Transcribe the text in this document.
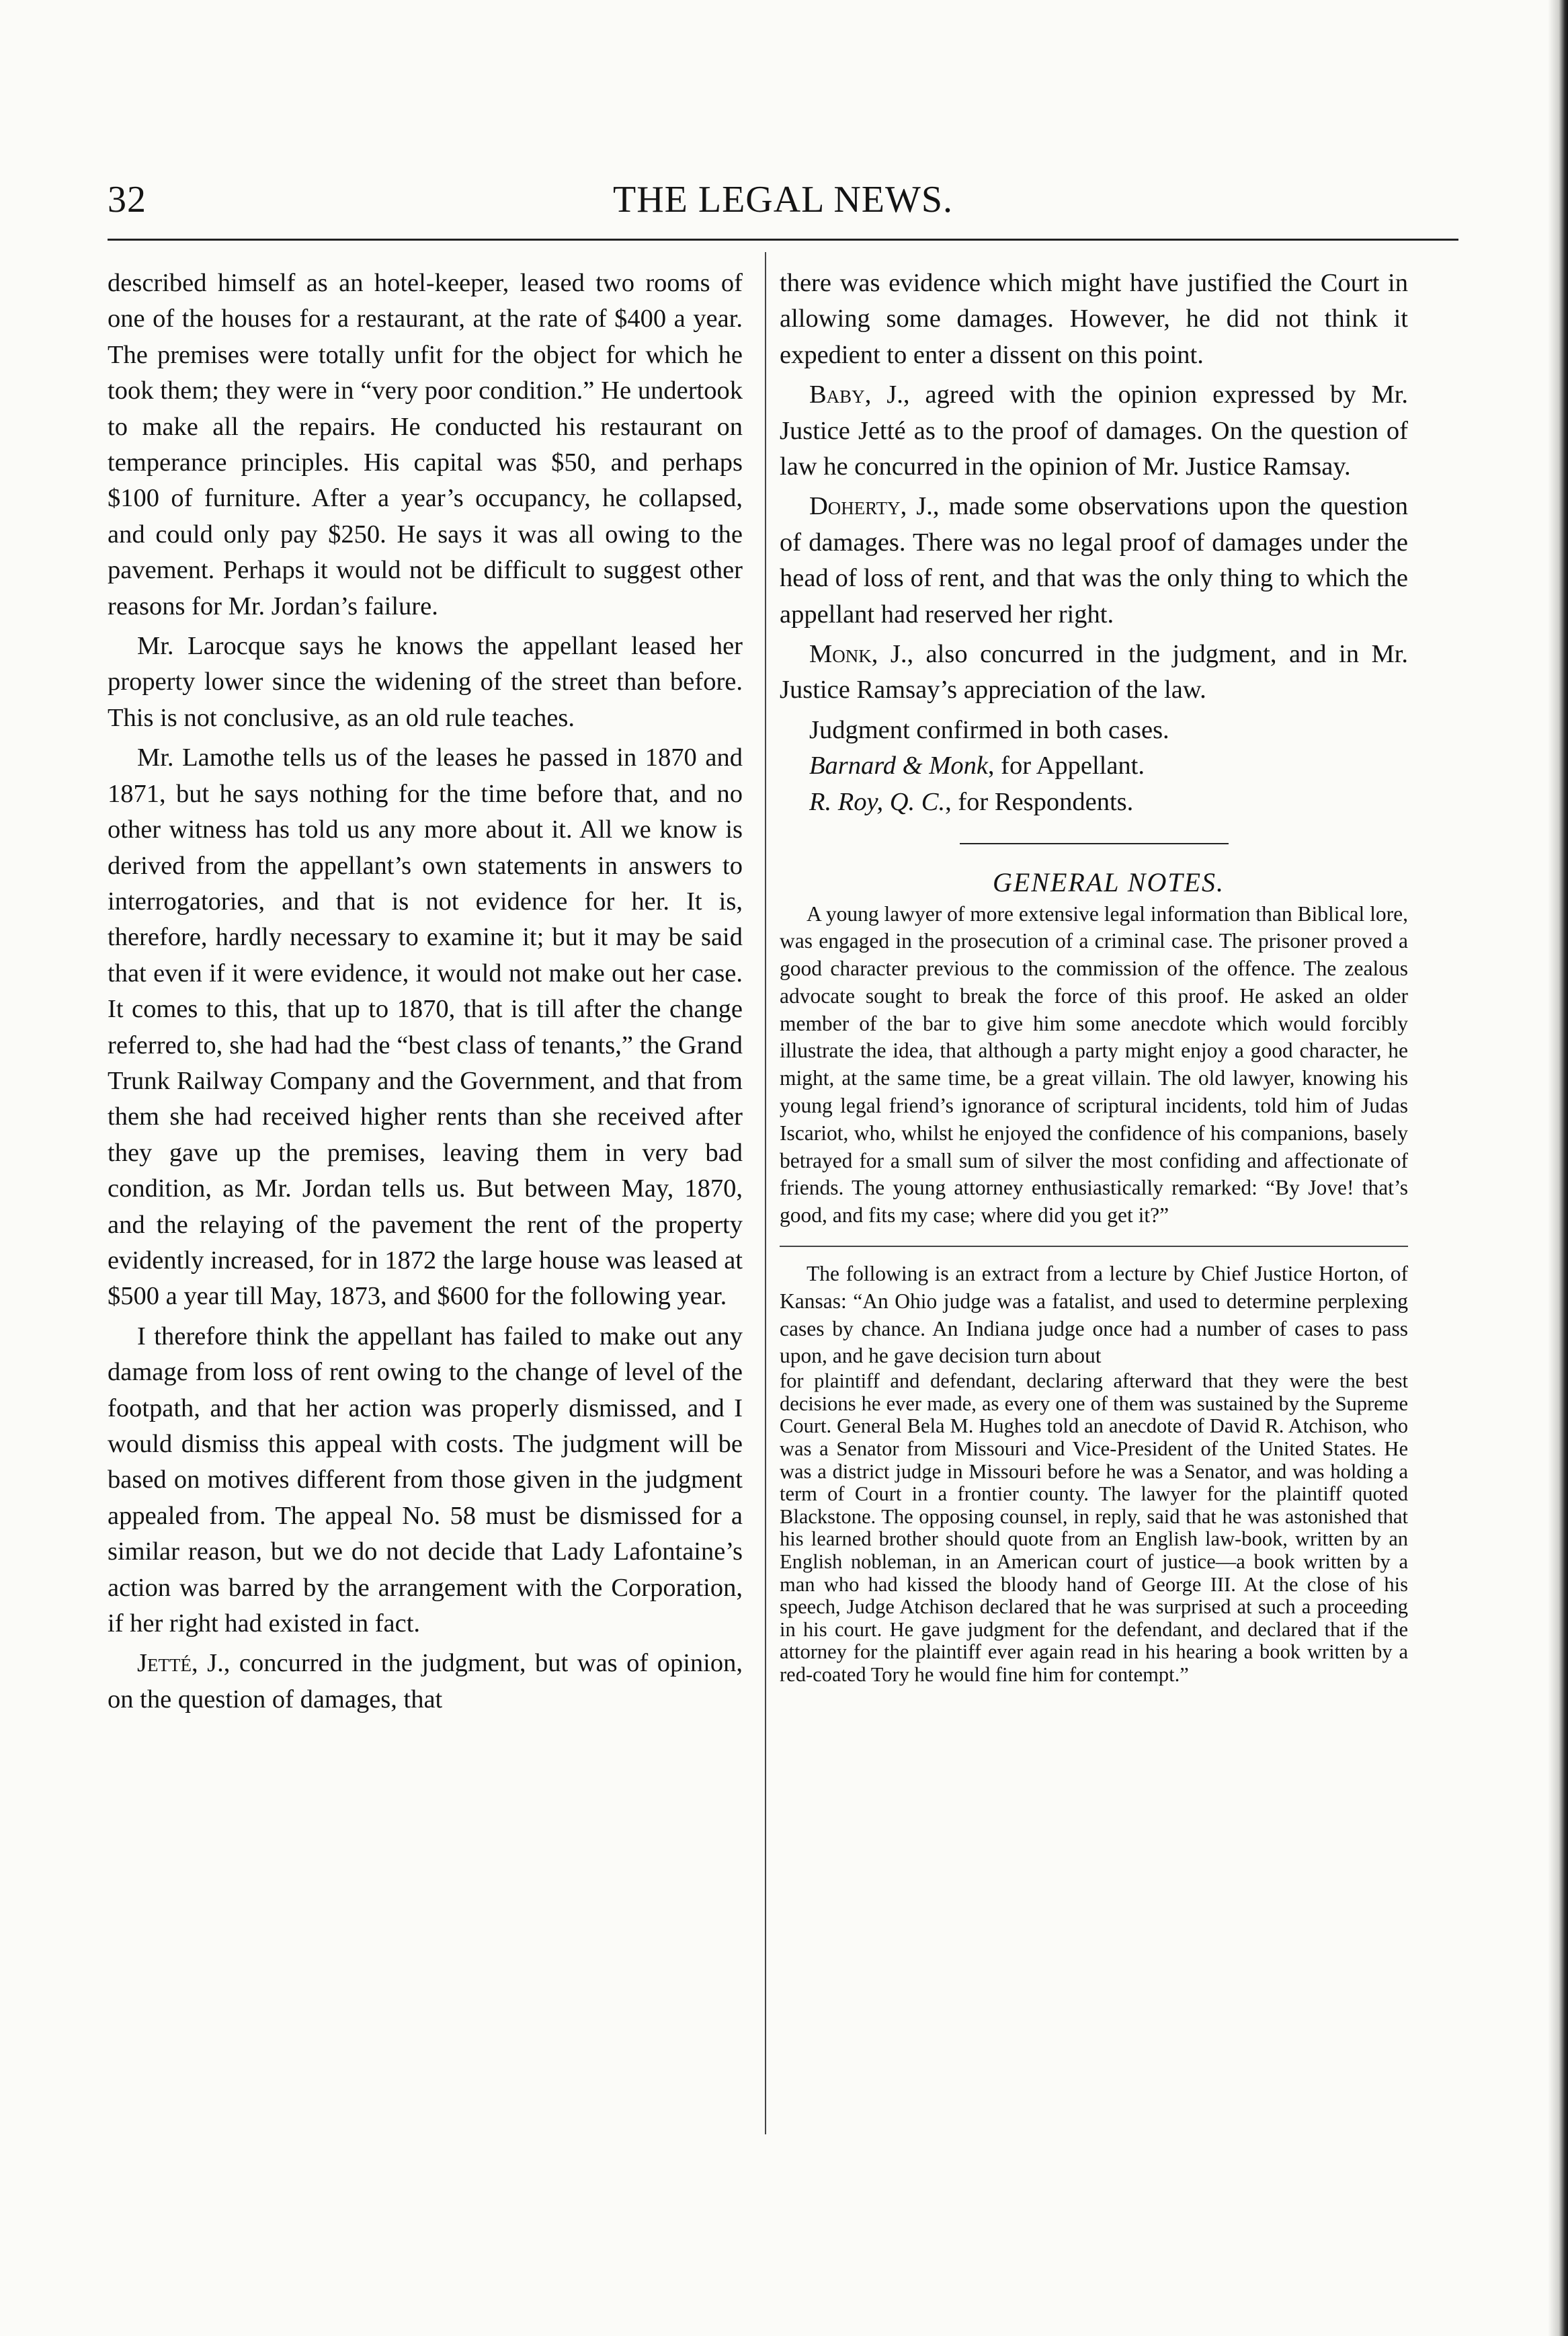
32	THE LEGAL NEWS.

described himself as an hotel-keeper, leased two rooms of one of the houses for a restaurant, at the rate of $400 a year. The premises were totally unfit for the object for which he took them; they were in “very poor condition.” He undertook to make all the repairs. He conducted his restaurant on temperance principles. His capital was $50, and perhaps $100 of furniture. After a year’s occupancy, he collapsed, and could only pay $250. He says it was all owing to the pavement. Perhaps it would not be difficult to suggest other reasons for Mr. Jordan’s failure.

Mr. Larocque says he knows the appellant leased her property lower since the widening of the street than before. This is not conclusive, as an old rule teaches.

Mr. Lamothe tells us of the leases he passed in 1870 and 1871, but he says nothing for the time before that, and no other witness has told us any more about it. All we know is derived from the appellant’s own statements in answers to interrogatories, and that is not evidence for her. It is, therefore, hardly necessary to examine it; but it may be said that even if it were evidence, it would not make out her case. It comes to this, that up to 1870, that is till after the change referred to, she had had the “best class of tenants,” the Grand Trunk Railway Company and the Government, and that from them she had received higher rents than she received after they gave up the premises, leaving them in very bad condition, as Mr. Jordan tells us. But between May, 1870, and the relaying of the pavement the rent of the property evidently increased, for in 1872 the large house was leased at $500 a year till May, 1873, and $600 for the following year.

I therefore think the appellant has failed to make out any damage from loss of rent owing to the change of level of the footpath, and that her action was properly dismissed, and I would dismiss this appeal with costs. The judgment will be based on motives different from those given in the judgment appealed from. The appeal No. 58 must be dismissed for a similar reason, but we do not decide that Lady Lafontaine’s action was barred by the arrangement with the Corporation, if her right had existed in fact.

Jetté, J., concurred in the judgment, but was of opinion, on the question of damages, that

there was evidence which might have justified the Court in allowing some damages. However, he did not think it expedient to enter a dissent on this point.

Baby, J., agreed with the opinion expressed by Mr. Justice Jetté as to the proof of damages. On the question of law he concurred in the opinion of Mr. Justice Ramsay.

Doherty, J., made some observations upon the question of damages. There was no legal proof of damages under the head of loss of rent, and that was the only thing to which the appellant had reserved her right.

Monk, J., also concurred in the judgment, and in Mr. Justice Ramsay’s appreciation of the law.

Judgment confirmed in both cases.

Barnard & Monk, for Appellant.

R. Roy, Q. C., for Respondents.

GENERAL NOTES.

A young lawyer of more extensive legal information than Biblical lore, was engaged in the prosecution of a criminal case. The prisoner proved a good character previous to the commission of the offence. The zealous advocate sought to break the force of this proof. He asked an older member of the bar to give him some anecdote which would forcibly illustrate the idea, that although a party might enjoy a good character, he might, at the same time, be a great villain. The old lawyer, knowing his young legal friend’s ignorance of scriptural incidents, told him of Judas Iscariot, who, whilst he enjoyed the confidence of his companions, basely betrayed for a small sum of silver the most confiding and affectionate of friends. The young attorney enthusiastically remarked: “By Jove! that’s good, and fits my case; where did you get it?”

The following is an extract from a lecture by Chief Justice Horton, of Kansas: “An Ohio judge was a fatalist, and used to determine perplexing cases by chance. An Indiana judge once had a number of cases to pass upon, and he gave decision turn about

for plaintiff and defendant, declaring afterward that they were the best decisions he ever made, as every one of them was sustained by the Supreme Court. General Bela M. Hughes told an anecdote of David R. Atchison, who was a Senator from Missouri and Vice-President of the United States. He was a district judge in Missouri before he was a Senator, and was holding a term of Court in a frontier county. The lawyer for the plaintiff quoted Blackstone. The opposing counsel, in reply, said that he was astonished that his learned brother should quote from an English law-book, written by an English nobleman, in an American court of justice—a book written by a man who had kissed the bloody hand of George III. At the close of his speech, Judge Atchison declared that he was surprised at such a proceeding in his court. He gave judgment for the defendant, and declared that if the attorney for the plaintiff ever again read in his hearing a book written by a red-coated Tory he would fine him for contempt.”
